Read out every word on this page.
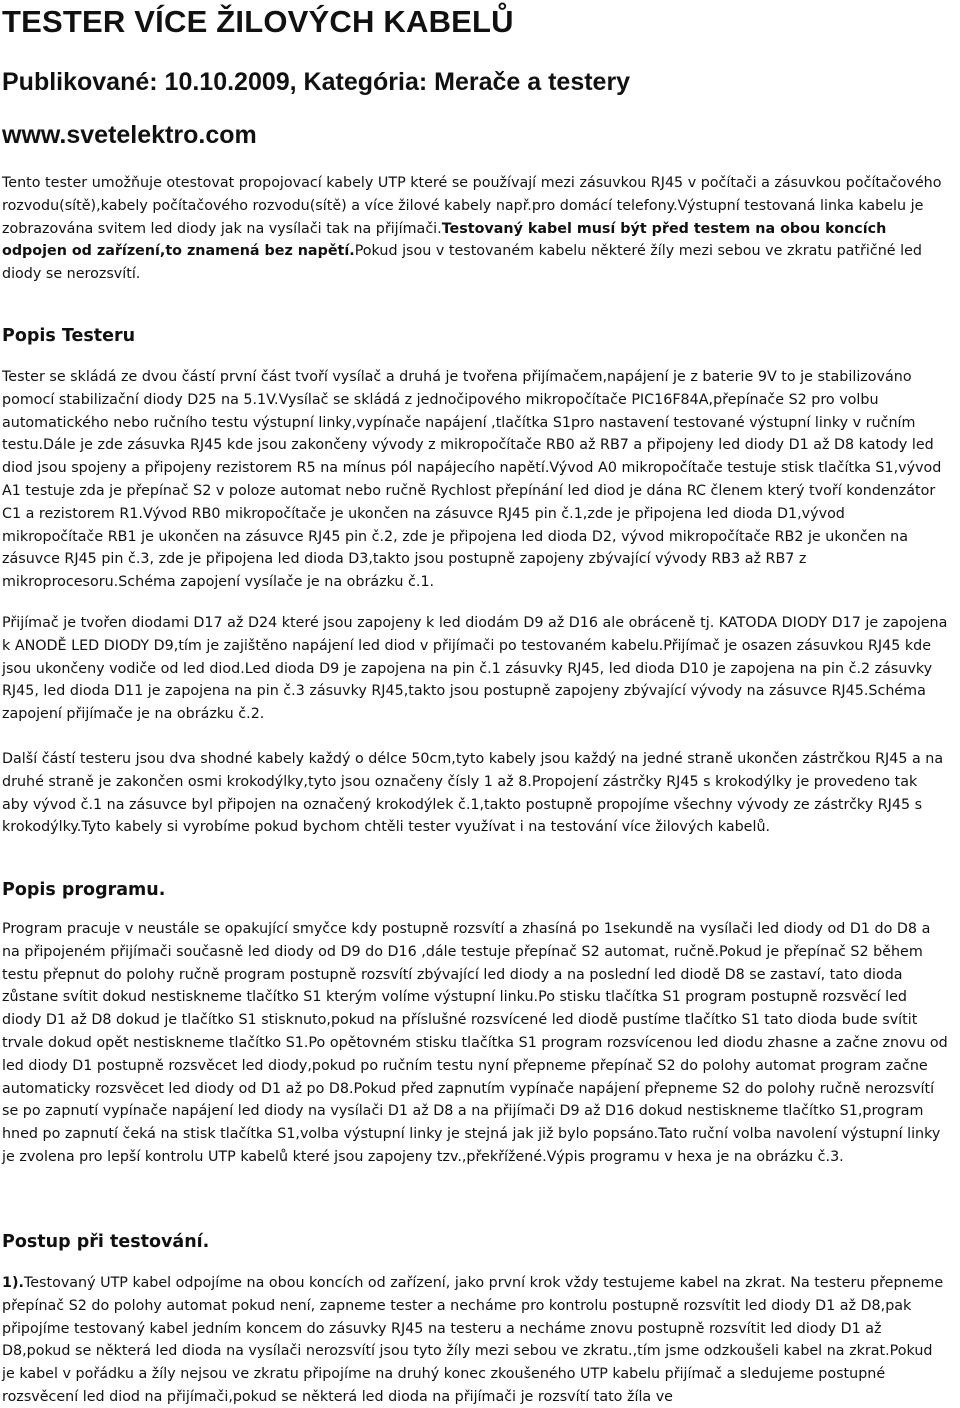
TESTER VÍCE ŽILOVÝCH KABELŮ

Publikované: 10.10.2009, Kategória: Merače a testery

www.svetelektro.com

Tento tester umožňuje otestovat propojovací kabely UTP které se používají mezi zásuvkou RJ45 v počítači a zásuvkou počítačového rozvodu(sítě),kabely počítačového rozvodu(sítě) a více žilové kabely např.pro domácí telefony.Výstupní testovaná linka kabelu je zobrazována svitem led diody jak na vysílači tak na přijímači.Testovaný kabel musí být před testem na obou koncích odpojen od zařízení,to znamená bez napětí.Pokud jsou v testovaném kabelu některé žíly mezi sebou ve zkratu patřičné led diody se nerozsvítí.

Popis Testeru

Tester se skládá ze dvou částí první část tvoří vysílač a druhá je tvořena přijímačem,napájení je z baterie 9V to je stabilizováno pomocí stabilizační diody D25 na 5.1V.Vysílač se skládá z jednočipového mikropočítače PIC16F84A,přepínače S2 pro volbu automatického nebo ručního testu výstupní linky,vypínače napájení ,tlačítka S1pro nastavení testované výstupní linky v ručním testu.Dále je zde zásuvka RJ45 kde jsou zakončeny vývody z mikropočítače RB0 až RB7 a připojeny led diody D1 až D8 katody led diod jsou spojeny a připojeny rezistorem R5 na mínus pól napájecího napětí.Vývod A0 mikropočítače testuje stisk tlačítka S1,vývod A1 testuje zda je přepínač S2 v poloze automat nebo ručně Rychlost přepínání led diod je dána RC členem který tvoří kondenzátor C1 a rezistorem R1.Vývod RB0 mikropočítače je ukončen na zásuvce RJ45 pin č.1,zde je připojena led dioda D1,vývod mikropočítače RB1 je ukončen na zásuvce RJ45 pin č.2, zde je připojena led dioda D2, vývod mikropočítače RB2 je ukončen na zásuvce RJ45 pin č.3, zde je připojena led dioda D3,takto jsou postupně zapojeny zbývající vývody RB3 až RB7 z mikroprocesoru.Schéma zapojení vysílače je na obrázku č.1.

Přijímač je tvořen diodami D17 až D24 které jsou zapojeny k led diodám D9 až D16 ale obráceně tj. KATODA DIODY D17 je zapojena k ANODĚ LED DIODY D9,tím je zajištěno napájení led diod v přijímači po testovaném kabelu.Přijímač je osazen zásuvkou RJ45 kde jsou ukončeny vodiče od led diod.Led dioda D9 je zapojena na pin č.1 zásuvky RJ45, led dioda D10 je zapojena na pin č.2 zásuvky RJ45, led dioda D11 je zapojena na pin č.3 zásuvky RJ45,takto jsou postupně zapojeny zbývající vývody na zásuvce RJ45.Schéma zapojení přijímače je na obrázku č.2.

Další částí testeru jsou dva shodné kabely každý o délce 50cm,tyto kabely jsou každý na jedné straně ukončen zástrčkou RJ45 a na druhé straně je zakončen osmi krokodýlky,tyto jsou označeny čísly 1 až 8.Propojení zástrčky RJ45 s krokodýlky je provedeno tak aby vývod č.1 na zásuvce byl připojen na označený krokodýlek č.1,takto postupně propojíme všechny vývody ze zástrčky RJ45 s krokodýlky.Tyto kabely si vyrobíme pokud bychom chtěli tester využívat i na testování více žilových kabelů.

Popis programu.

Program pracuje v neustále se opakující smyčce kdy postupně rozsvítí a zhasíná po 1sekundě na vysílači led diody od D1 do D8 a na připojeném přijímači současně led diody od D9 do D16 ,dále testuje přepínač S2 automat, ručně.Pokud je přepínač S2 během testu přepnut do polohy ručně program postupně rozsvítí zbývající led diody a na poslední led diodě D8 se zastaví, tato dioda zůstane svítit dokud nestiskneme tlačítko S1 kterým volíme výstupní linku.Po stisku tlačítka S1 program postupně rozsvěcí led diody D1 až D8 dokud je tlačítko S1 stisknuto,pokud na příslušné rozsvícené led diodě pustíme tlačítko S1 tato dioda bude svítit trvale dokud opět nestiskneme tlačítko S1.Po opětovném stisku tlačítka S1 program rozsvícenou led diodu zhasne a začne znovu od led diody D1 postupně rozsvěcet led diody,pokud po ručním testu nyní přepneme přepínač S2 do polohy automat program začne automaticky rozsvěcet led diody od D1 až po D8.Pokud před zapnutím vypínače napájení přepneme S2 do polohy ručně nerozsvítí se po zapnutí vypínače napájení led diody na vysílači D1 až D8 a na přijímači D9 až D16 dokud nestiskneme tlačítko S1,program hned po zapnutí čeká na stisk tlačítka S1,volba výstupní linky je stejná jak již bylo popsáno.Tato ruční volba navolení výstupní linky je zvolena pro lepší kontrolu UTP kabelů které jsou zapojeny tzv.,překřížené.Výpis programu v hexa je na obrázku č.3.

Postup při testování.

1).Testovaný UTP kabel odpojíme na obou koncích od zařízení, jako první krok vždy testujeme kabel na zkrat. Na testeru přepneme přepínač S2 do polohy automat pokud není, zapneme tester a necháme pro kontrolu postupně rozsvítit led diody D1 až D8,pak připojíme testovaný kabel jedním koncem do zásuvky RJ45 na testeru a necháme znovu postupně rozsvítit led diody D1 až D8,pokud se některá led dioda na vysílači nerozsvítí jsou tyto žíly mezi sebou ve zkratu.,tím jsme odzkoušeli kabel na zkrat.Pokud je kabel v pořádku a žíly nejsou ve zkratu připojíme na druhý konec zkoušeného UTP kabelu přijímač a sledujeme postupné rozsvěcení led diod na přijímači,pokud se některá led dioda na přijímači je rozsvítí tato žíla ve
